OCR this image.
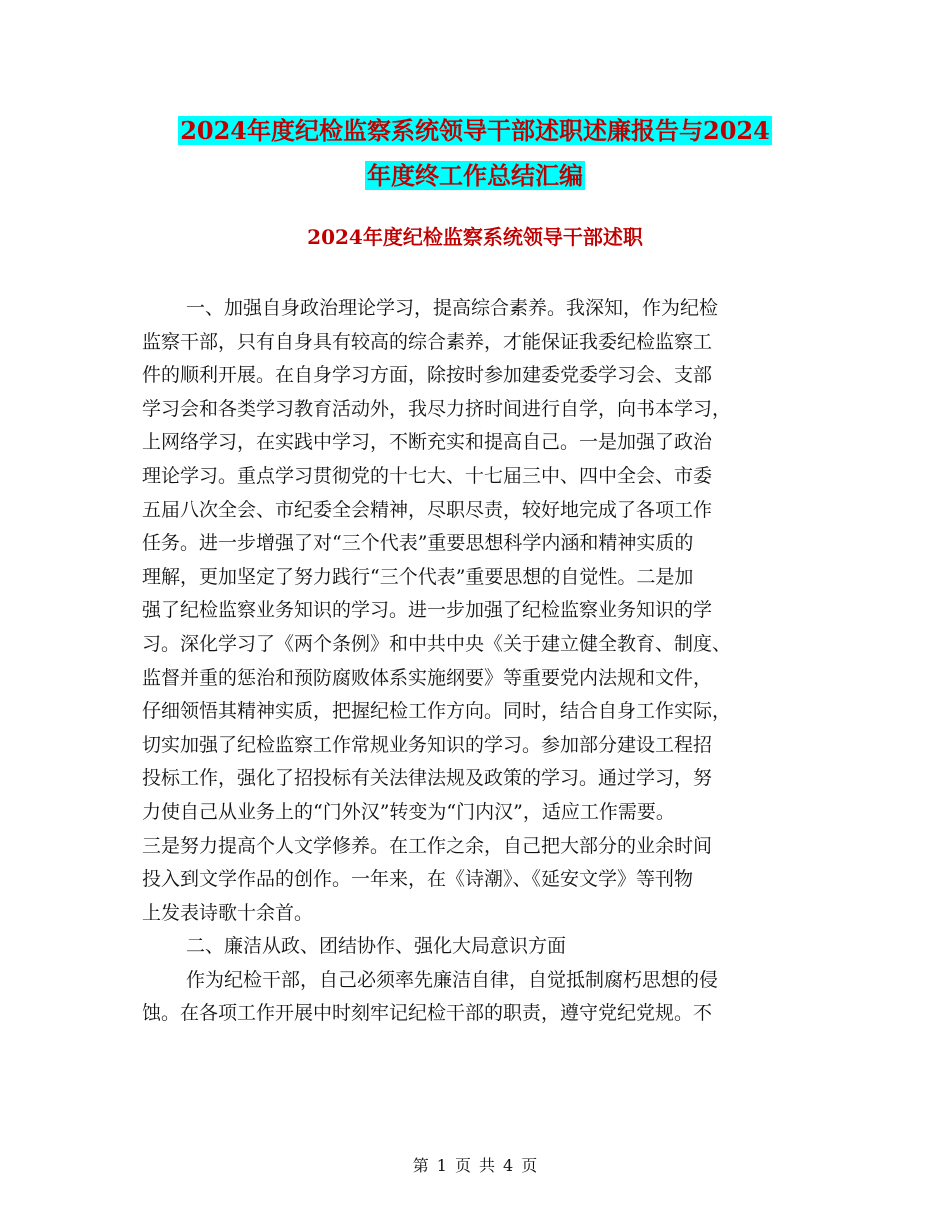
2024年度纪检监察系统领导干部述职述廉报告与2024
年度终工作总结汇编
2024年度纪检监察系统领导干部述职
一、加强自身政治理论学习，提高综合素养。我深知，作为纪检
监察干部，只有自身具有较高的综合素养，才能保证我委纪检监察工
件的顺利开展。在自身学习方面，除按时参加建委党委学习会、支部
学习会和各类学习教育活动外，我尽力挤时间进行自学，向书本学习，
上网络学习，在实践中学习，不断充实和提高自己。一是加强了政治
理论学习。重点学习贯彻党的十七大、十七届三中、四中全会、市委
五届八次全会、市纪委全会精神，尽职尽责，较好地完成了各项工作
任务。进一步增强了对“三个代表”重要思想科学内涵和精神实质的
理解，更加坚定了努力践行“三个代表”重要思想的自觉性。二是加
强了纪检监察业务知识的学习。进一步加强了纪检监察业务知识的学
习。深化学习了《两个条例》和中共中央《关于建立健全教育、制度、
监督并重的惩治和预防腐败体系实施纲要》等重要党内法规和文件，
仔细领悟其精神实质，把握纪检工作方向。同时，结合自身工作实际，
切实加强了纪检监察工作常规业务知识的学习。参加部分建设工程招
投标工作，强化了招投标有关法律法规及政策的学习。通过学习，努
力使自己从业务上的“门外汉”转变为“门内汉”，适应工作需要。
三是努力提高个人文学修养。在工作之余，自己把大部分的业余时间
投入到文学作品的创作。一年来，在《诗潮》、《延安文学》等刊物
上发表诗歌十余首。
二、廉洁从政、团结协作、强化大局意识方面
作为纪检干部，自己必须率先廉洁自律，自觉抵制腐朽思想的侵
蚀。在各项工作开展中时刻牢记纪检干部的职责，遵守党纪党规。不
第 1 页 共 4 页
